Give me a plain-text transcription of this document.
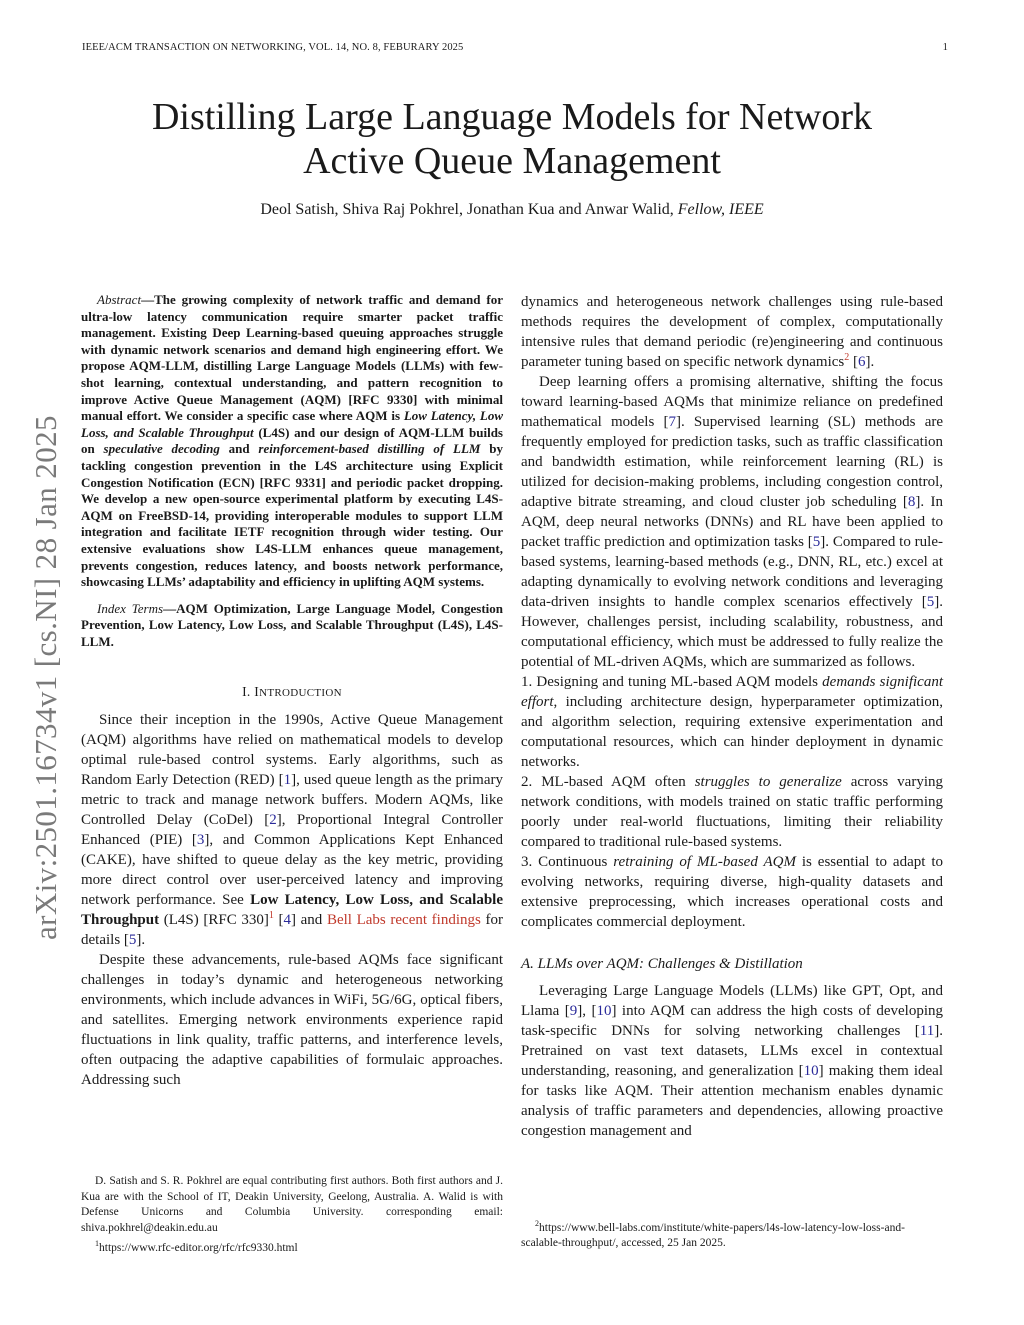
IEEE/ACM TRANSACTION ON NETWORKING, VOL. 14, NO. 8, FEBURARY 2025	1
Distilling Large Language Models for Network
Active Queue Management
Deol Satish, Shiva Raj Pokhrel, Jonathan Kua and Anwar Walid, Fellow, IEEE
arXiv:2501.16734v1 [cs.NI] 28 Jan 2025

Abstract—The growing complexity of network traffic and demand for ultra-low latency communication require smarter packet traffic management. Existing Deep Learning-based queuing approaches struggle with dynamic network scenarios and demand high engineering effort. We propose AQM-LLM, distilling Large Language Models (LLMs) with few-shot learning, contextual understanding, and pattern recognition to improve Active Queue Management (AQM) [RFC 9330] with minimal manual effort. We consider a specific case where AQM is Low Latency, Low Loss, and Scalable Throughput (L4S) and our design of AQM-LLM builds on speculative decoding and reinforcement-based distilling of LLM by tackling congestion prevention in the L4S architecture using Explicit Congestion Notification (ECN) [RFC 9331] and periodic packet dropping. We develop a new open-source experimental platform by executing L4S-AQM on FreeBSD-14, providing interoperable modules to support LLM integration and facilitate IETF recognition through wider testing. Our extensive evaluations show L4S-LLM enhances queue management, prevents congestion, reduces latency, and boosts network performance, showcasing LLMs’ adaptability and efficiency in uplifting AQM systems.

Index Terms—AQM Optimization, Large Language Model, Congestion Prevention, Low Latency, Low Loss, and Scalable Throughput (L4S), L4S-LLM.

I. INTRODUCTION

Since their inception in the 1990s, Active Queue Management (AQM) algorithms have relied on mathematical models to develop optimal rule-based control systems. Early algorithms, such as Random Early Detection (RED) [1], used queue length as the primary metric to track and manage network buffers. Modern AQMs, like Controlled Delay (CoDel) [2], Proportional Integral Controller Enhanced (PIE) [3], and Common Applications Kept Enhanced (CAKE), have shifted to queue delay as the key metric, providing more direct control over user-perceived latency and improving network performance. See Low Latency, Low Loss, and Scalable Throughput (L4S) [RFC 330]$^1$ [4] and Bell Labs recent findings for details [5].

Despite these advancements, rule-based AQMs face significant challenges in today’s dynamic and heterogeneous networking environments, which include advances in WiFi, 5G/6G, optical fibers, and satellites. Emerging network environments experience rapid fluctuations in link quality, traffic patterns, and interference levels, often outpacing the adaptive capabilities of formulaic approaches. Addressing such

D. Satish and S. R. Pokhrel are equal contributing first authors. Both first authors and J. Kua are with the School of IT, Deakin University, Geelong, Australia. A. Walid is with Defense Unicorns and Columbia University. corresponding email: shiva.pokhrel@deakin.edu.au

$^1$https://www.rfc-editor.org/rfc/rfc9330.html

dynamics and heterogeneous network challenges using rule-based methods requires the development of complex, computationally intensive rules that demand periodic (re)engineering and continuous parameter tuning based on specific network dynamics$^2$ [6].

Deep learning offers a promising alternative, shifting the focus toward learning-based AQMs that minimize reliance on predefined mathematical models [7]. Supervised learning (SL) methods are frequently employed for prediction tasks, such as traffic classification and bandwidth estimation, while reinforcement learning (RL) is utilized for decision-making problems, including congestion control, adaptive bitrate streaming, and cloud cluster job scheduling [8]. In AQM, deep neural networks (DNNs) and RL have been applied to packet traffic prediction and optimization tasks [5]. Compared to rule-based systems, learning-based methods (e.g., DNN, RL, etc.) excel at adapting dynamically to evolving network conditions and leveraging data-driven insights to handle complex scenarios effectively [5]. However, challenges persist, including scalability, robustness, and computational efficiency, which must be addressed to fully realize the potential of ML-driven AQMs, which are summarized as follows.

1. Designing and tuning ML-based AQM models demands significant effort, including architecture design, hyperparameter optimization, and algorithm selection, requiring extensive experimentation and computational resources, which can hinder deployment in dynamic networks.

2. ML-based AQM often struggles to generalize across varying network conditions, with models trained on static traffic performing poorly under real-world fluctuations, limiting their reliability compared to traditional rule-based systems.

3. Continuous retraining of ML-based AQM is essential to adapt to evolving networks, requiring diverse, high-quality datasets and extensive preprocessing, which increases operational costs and complicates commercial deployment.

A. LLMs over AQM: Challenges & Distillation

Leveraging Large Language Models (LLMs) like GPT, Opt, and Llama [9], [10] into AQM can address the high costs of developing task-specific DNNs for solving networking challenges [11]. Pretrained on vast text datasets, LLMs excel in contextual understanding, reasoning, and generalization [10] making them ideal for tasks like AQM. Their attention mechanism enables dynamic analysis of traffic parameters and dependencies, allowing proactive congestion management and

$^2$https://www.bell-labs.com/institute/white-papers/l4s-low-latency-low-loss-and-scalable-throughput/, accessed, 25 Jan 2025.
